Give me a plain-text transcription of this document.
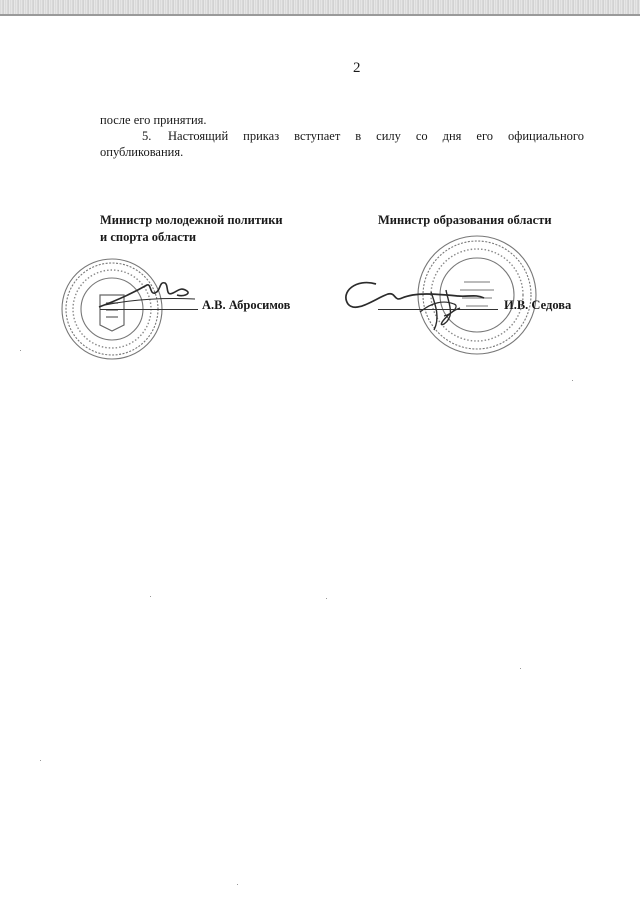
2
после его принятия.
5. Настоящий приказ вступает в силу со дня его официального
опубликования.
Министр молодежной политики
и спорта области
А.В. Абросимов
Министр образования области
И.В. Седова
